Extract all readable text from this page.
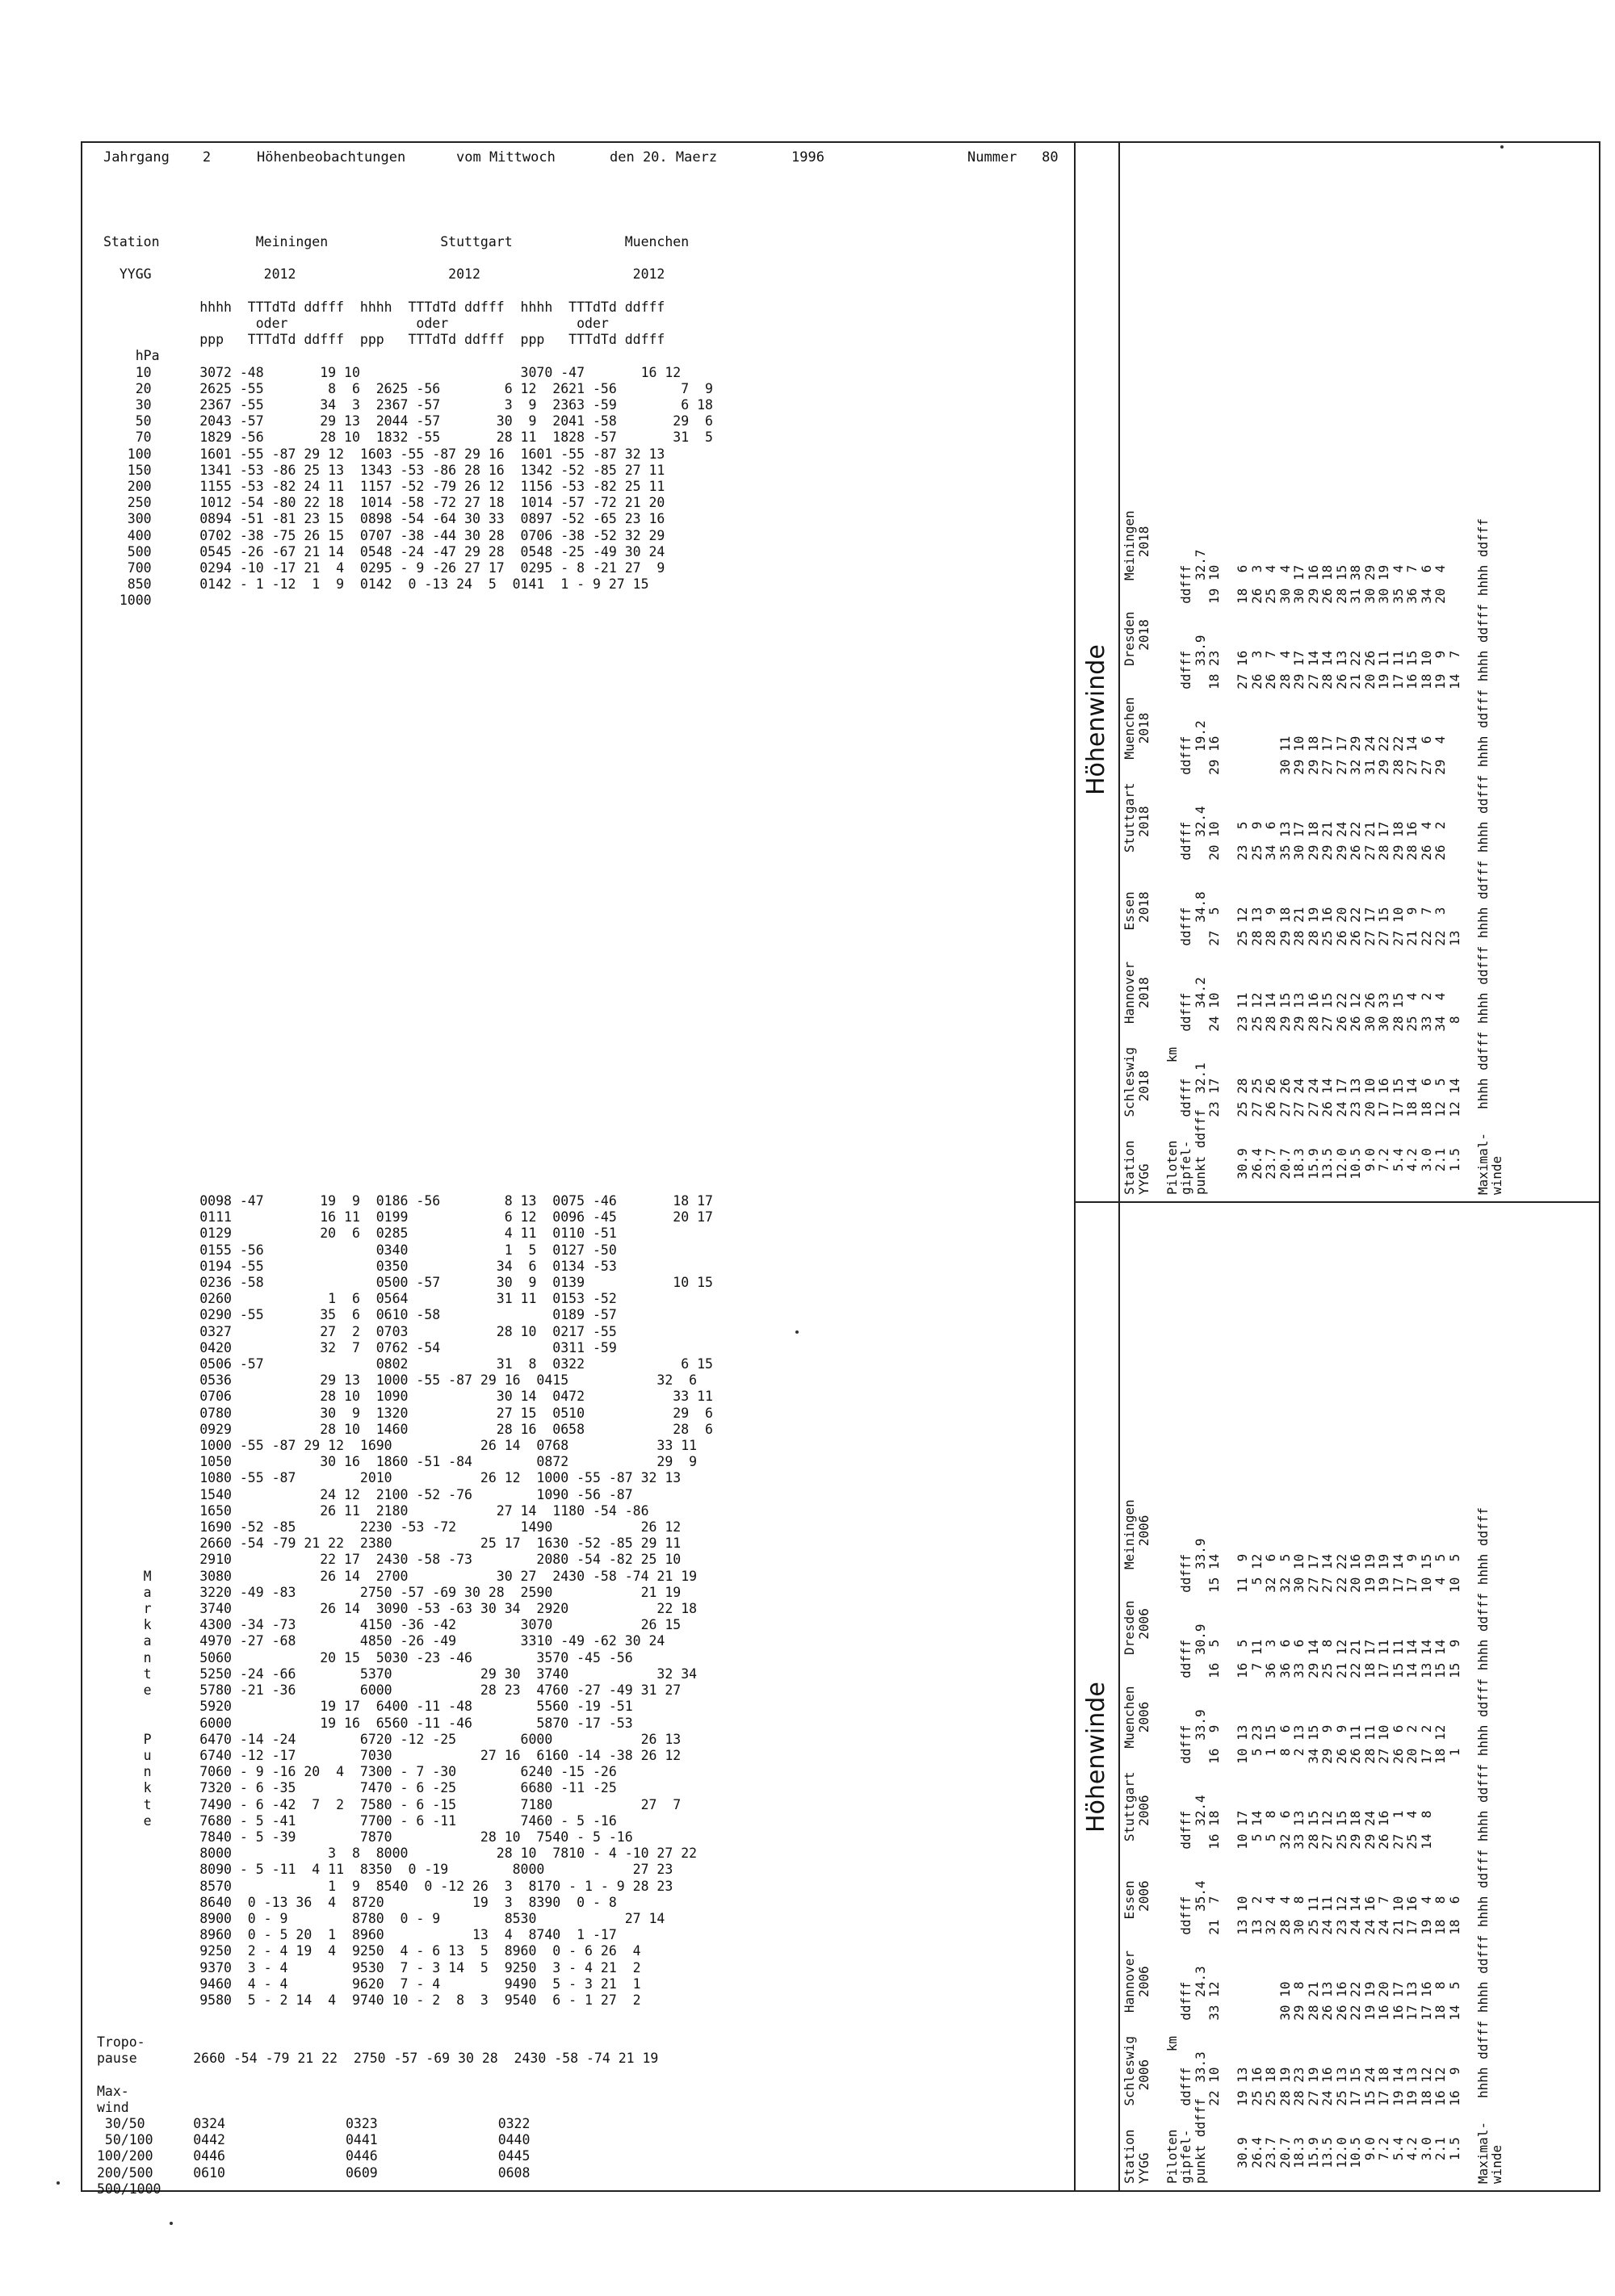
Jahrgang 2	Höhenbeobachtungen	vom Mittwoch	den 20. Maerz	1996	Nummer 80
Station            Meiningen              Stuttgart              Muenchen

YYGG              2012                   2012                   2012

hhhh  TTTdTd ddfff  hhhh  TTTdTd ddfff  hhhh  TTTdTd ddfff
oder                oder                oder
ppp   TTTdTd ddfff  ppp   TTTdTd ddfff  ppp   TTTdTd ddfff
hPa
10      3072 -48       19 10                    3070 -47       16 12
20      2625 -55        8  6  2625 -56        6 12  2621 -56        7  9
30      2367 -55       34  3  2367 -57        3  9  2363 -59        6 18
50      2043 -57       29 13  2044 -57       30  9  2041 -58       29  6
70      1829 -56       28 10  1832 -55       28 11  1828 -57       31  5
100      1601 -55 -87 29 12  1603 -55 -87 29 16  1601 -55 -87 32 13
150      1341 -53 -86 25 13  1343 -53 -86 28 16  1342 -52 -85 27 11
200      1155 -53 -82 24 11  1157 -52 -79 26 12  1156 -53 -82 25 11
250      1012 -54 -80 22 18  1014 -58 -72 27 18  1014 -57 -72 21 20
300      0894 -51 -81 23 15  0898 -54 -64 30 33  0897 -52 -65 23 16
400      0702 -38 -75 26 15  0707 -38 -44 30 28  0706 -38 -52 32 29
500      0545 -26 -67 21 14  0548 -24 -47 29 28  0548 -25 -49 30 24
700      0294 -10 -17 21  4  0295 - 9 -26 27 17  0295 - 8 -21 27  9
850      0142 - 1 -12  1  9  0142  0 -13 24  5  0141  1 - 9 27 15
1000
0098 -47       19  9  0186 -56        8 13  0075 -46       18 17
0111           16 11  0199            6 12  0096 -45       20 17
0129           20  6  0285            4 11  0110 -51
0155 -56              0340            1  5  0127 -50
0194 -55              0350           34  6  0134 -53
0236 -58              0500 -57       30  9  0139           10 15
0260            1  6  0564           31 11  0153 -52
0290 -55       35  6  0610 -58              0189 -57
0327           27  2  0703           28 10  0217 -55
0420           32  7  0762 -54              0311 -59
0506 -57              0802           31  8  0322            6 15
0536           29 13  1000 -55 -87 29 16  0415           32  6
0706           28 10  1090           30 14  0472           33 11
0780           30  9  1320           27 15  0510           29  6
0929           28 10  1460           28 16  0658           28  6
1000 -55 -87 29 12  1690           26 14  0768           33 11
1050           30 16  1860 -51 -84        0872           29  9
1080 -55 -87        2010           26 12  1000 -55 -87 32 13
1540           24 12  2100 -52 -76        1090 -56 -87
1650           26 11  2180           27 14  1180 -54 -86
1690 -52 -85        2230 -53 -72        1490           26 12
2660 -54 -79 21 22  2380           25 17  1630 -52 -85 29 11
2910           22 17  2430 -58 -73        2080 -54 -82 25 10
M      3080           26 14  2700           30 27  2430 -58 -74 21 19
a      3220 -49 -83        2750 -57 -69 30 28  2590           21 19
r      3740           26 14  3090 -53 -63 30 34  2920           22 18
k      4300 -34 -73        4150 -36 -42        3070           26 15
a      4970 -27 -68        4850 -26 -49        3310 -49 -62 30 24
n      5060           20 15  5030 -23 -46        3570 -45 -56
t      5250 -24 -66        5370           29 30  3740           32 34
e      5780 -21 -36        6000           28 23  4760 -27 -49 31 27
5920           19 17  6400 -11 -48        5560 -19 -51
6000           19 16  6560 -11 -46        5870 -17 -53
P      6470 -14 -24        6720 -12 -25        6000           26 13
u      6740 -12 -17        7030           27 16  6160 -14 -38 26 12
n      7060 - 9 -16 20  4  7300 - 7 -30        6240 -15 -26
k      7320 - 6 -35        7470 - 6 -25        6680 -11 -25
t      7490 - 6 -42  7  2  7580 - 6 -15        7180           27  7
e      7680 - 5 -41        7700 - 6 -11        7460 - 5 -16
7840 - 5 -39        7870           28 10  7540 - 5 -16
8000            3  8  8000           28 10  7810 - 4 -10 27 22
8090 - 5 -11  4 11  8350  0 -19        8000           27 23
8570            1  9  8540  0 -12 26  3  8170 - 1 - 9 28 23
8640  0 -13 36  4  8720           19  3  8390  0 - 8
8900  0 - 9        8780  0 - 9        8530           27 14
8960  0 - 5 20  1  8960           13  4  8740  1 -17
9250  2 - 4 19  4  9250  4 - 6 13  5  8960  0 - 6 26  4
9370  3 - 4        9530  7 - 3 14  5  9250  3 - 4 21  2
9460  4 - 4        9620  7 - 4        9490  5 - 3 21  1
9580  5 - 2 14  4  9740 10 - 2  8  3  9540  6 - 1 27  2
Tropo-
pause       2660 -54 -79 21 22  2750 -57 -69 30 28  2430 -58 -74 21 19

Max-
wind
30/50      0324               0323               0322
50/100     0442               0441               0440
100/200     0446               0446               0445
200/500     0610               0609               0608
500/1000
Höhenwinde
Höhenwinde
Station   Schleswig   Hannover    Essen     Stuttgart   Muenchen    Dresden    Meiningen
YYGG        2018        2018       2018       2018        2018        2018        2018

Piloten          km
gipfel-   ddfff      ddfff      ddfff      ddfff      ddfff      ddfff      ddfff
punkt ddfff  32.1       34.2       34.8       32.4       19.2       33.9       32.7
23 17      24 10      27  5      20 10      29 16      18 23      19 10

30.9    25 28      23 11      25 12      23  5                 27 16      18  6
26.4    27 25      25 12      28 13      25  9                 26  3      26  3
23.7    26 26      28 14      28  9      34  6                 26  7      25  4
20.7    27 26      29 15      29 18      35 13      30 11      28  4      30  4
18.3    27 24      29 13      28 21      30 17      29 10      29 17      30 17
15.9    27 24      28 16      28 19      29 18      29 18      27 14      29 16
13.5    26 14      27 15      25 16      29 21      27 17      28 14      26 18
12.0    24 17      26 22      26 20      29 24      27 17      26 13      28 15
10.5    23 13      26 12      26 22      26 22      32 29      21 22      31 38
9.0    20 10      30 26      27 17      27 21      31 24      20 26      30 29
7.2    17 16      30 33      27 15      28 17      29 22      19 11      30 19
5.4    17 15      28 15      27 10      29 18      28 22      17 11      35  4
4.2    18 14      25  4      21  9      28 16      27 14      16 15      36  7
3.0    18  6      33  2      22  7      26  4      27  6      18 10      34  6
2.1    12  5      34  4      22  3      26  2      29  4      19  9      20  4
1.5    12 14       8         13                               14  7

Maximal-   hhhh ddfff hhhh ddfff hhhh ddfff hhhh ddfff hhhh ddfff hhhh ddfff hhhh ddfff
winde
Station   Schleswig   Hannover    Essen     Stuttgart   Muenchen    Dresden    Meiningen
YYGG        2006        2006       2006       2006        2006        2006        2006

Piloten          km
gipfel-   ddfff      ddfff      ddfff      ddfff      ddfff      ddfff      ddfff
punkt ddfff  33.3       24.3       35.4       32.4       33.9       30.9       33.9
22 10      33 12      21  7      16 18      16  9      16  5      15 14

30.9    19 13                 13 10      10 17      10 13      16  5      11  9
26.4    25 16                 13  2       5 14       5 23       7 11       5 12
23.7    25 18                 32  4       5  8       1 15      36  3      32  6
20.7    28 19      30 10      28  4      32  6       8  6      36  6      32  5
18.3    28 23      29  8      30  8      33 13       2 13      33  6      30 10
15.9    27 19      28 21      25 11      28 15      34 15      29 14      27 17
13.5    24 16      26 13      24 11      27 12      29  9      25  8      27 14
12.0    25 13      26 16      23 12      25 15      26  9      21 12      22 22
10.5    17 15      22 22      24 14      29 18      26 11      22 21      20 16
9.0    15 24      19 19      24 16      29 24      28 11      18 17      19 19
7.2    17 18      16 20      24  7      26 16      27 10      17 11      19 19
5.4    19 14      16 17      21 10      27  1      26  6      15 11      17 14
4.2    19 13      17 13      17 16      25  4      20  2      14 14      17  9
3.0    18 12      17 16      19  4      14  8      17  2      13 14      10 15
2.1    16 12      18  8      18  8                 18 12      15 14       4  5
1.5    16  9      14  5      18  6                  1         15  9      10  5

Maximal-   hhhh ddfff hhhh ddfff hhhh ddfff hhhh ddfff hhhh ddfff hhhh ddfff hhhh ddfff
winde
